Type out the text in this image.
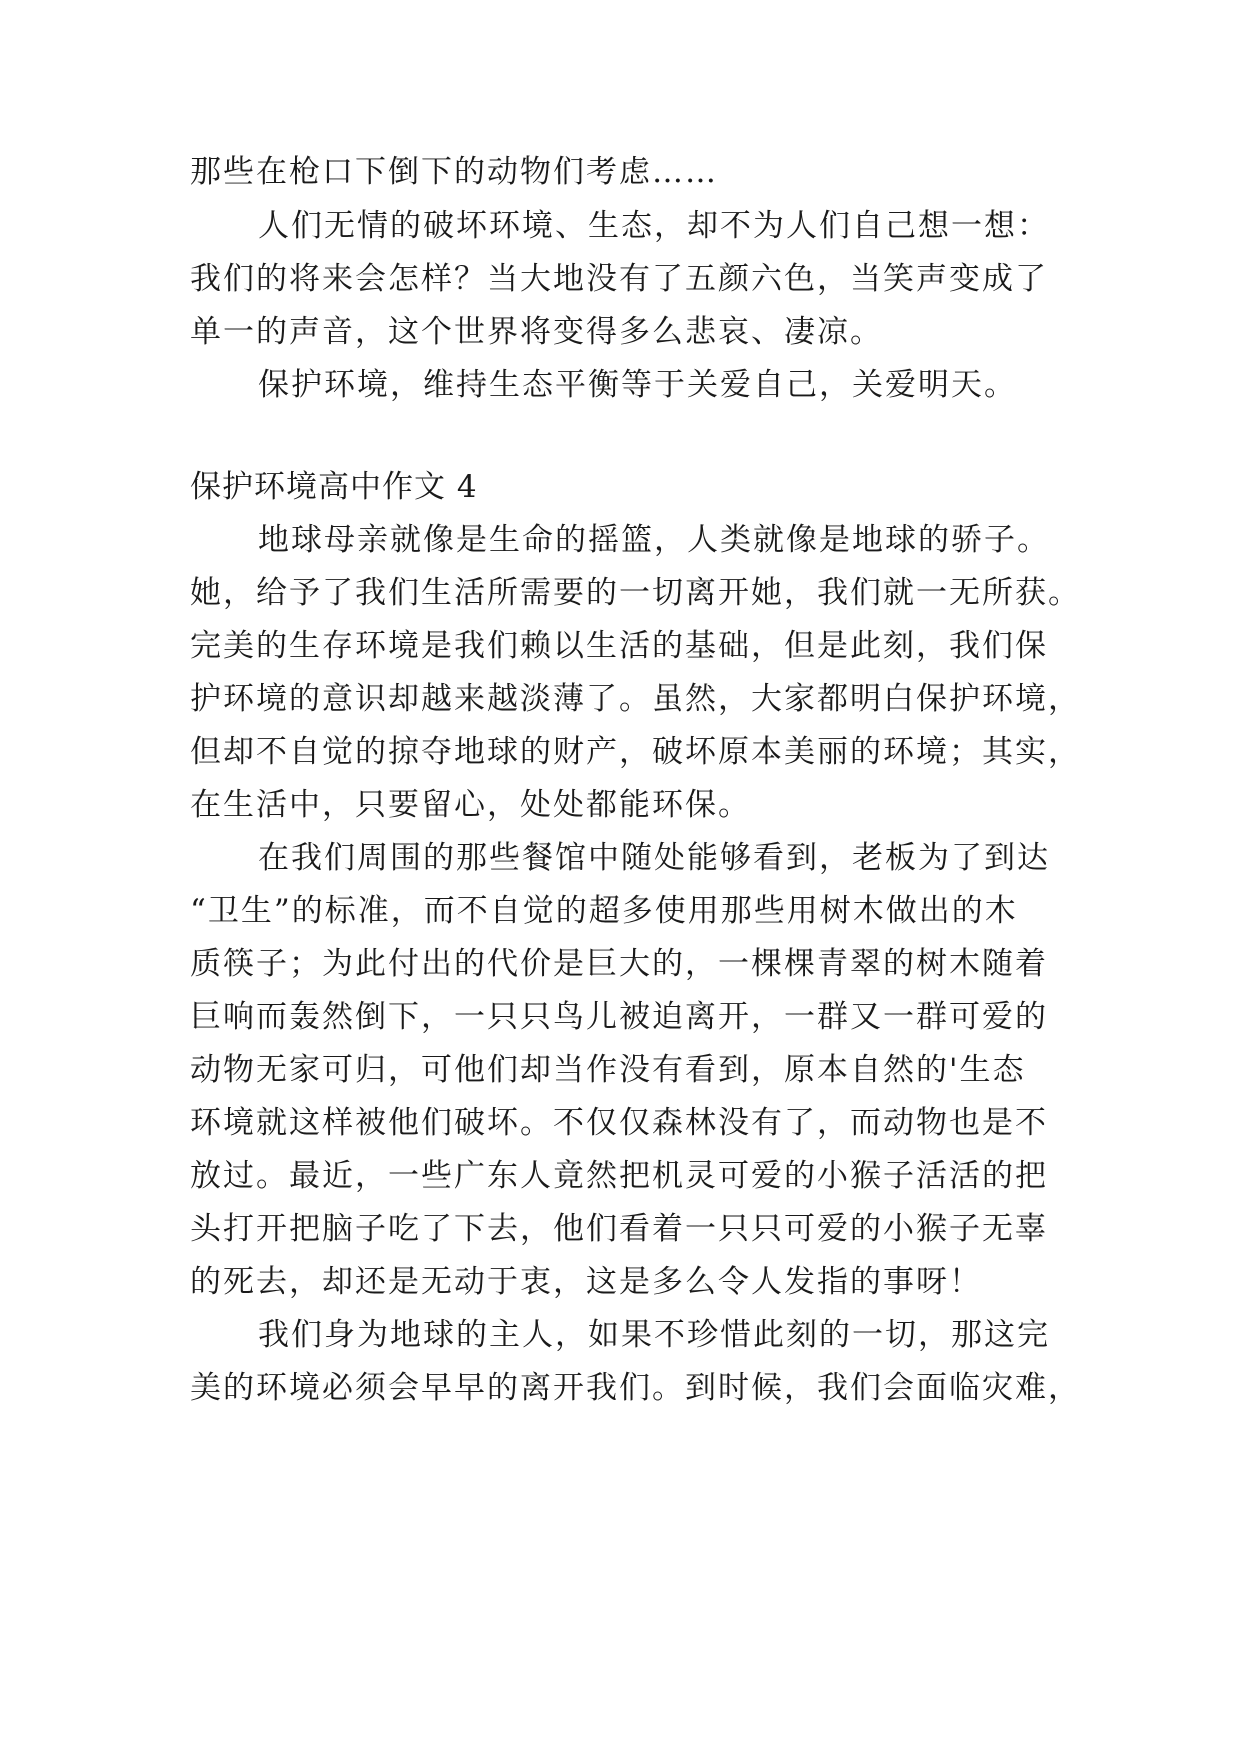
那些在枪口下倒下的动物们考虑……
人们无情的破坏环境、生态，却不为人们自己想一想：
我们的将来会怎样？当大地没有了五颜六色，当笑声变成了
单一的声音，这个世界将变得多么悲哀、凄凉。
保护环境，维持生态平衡等于关爱自己，关爱明天。
保护环境高中作文 4
地球母亲就像是生命的摇篮，人类就像是地球的骄子。
她，给予了我们生活所需要的一切离开她，我们就一无所获。
完美的生存环境是我们赖以生活的基础，但是此刻，我们保
护环境的意识却越来越淡薄了。虽然，大家都明白保护环境，
但却不自觉的掠夺地球的财产，破坏原本美丽的环境；其实，
在生活中，只要留心，处处都能环保。
在我们周围的那些餐馆中随处能够看到，老板为了到达
“卫生”的标准，而不自觉的超多使用那些用树木做出的木
质筷子；为此付出的代价是巨大的，一棵棵青翠的树木随着
巨响而轰然倒下，一只只鸟儿被迫离开，一群又一群可爱的
动物无家可归，可他们却当作没有看到，原本自然的'生态
环境就这样被他们破坏。不仅仅森林没有了，而动物也是不
放过。最近，一些广东人竟然把机灵可爱的小猴子活活的把
头打开把脑子吃了下去，他们看着一只只可爱的小猴子无辜
的死去，却还是无动于衷，这是多么令人发指的事呀！
我们身为地球的主人，如果不珍惜此刻的一切，那这完
美的环境必须会早早的离开我们。到时候，我们会面临灾难，
